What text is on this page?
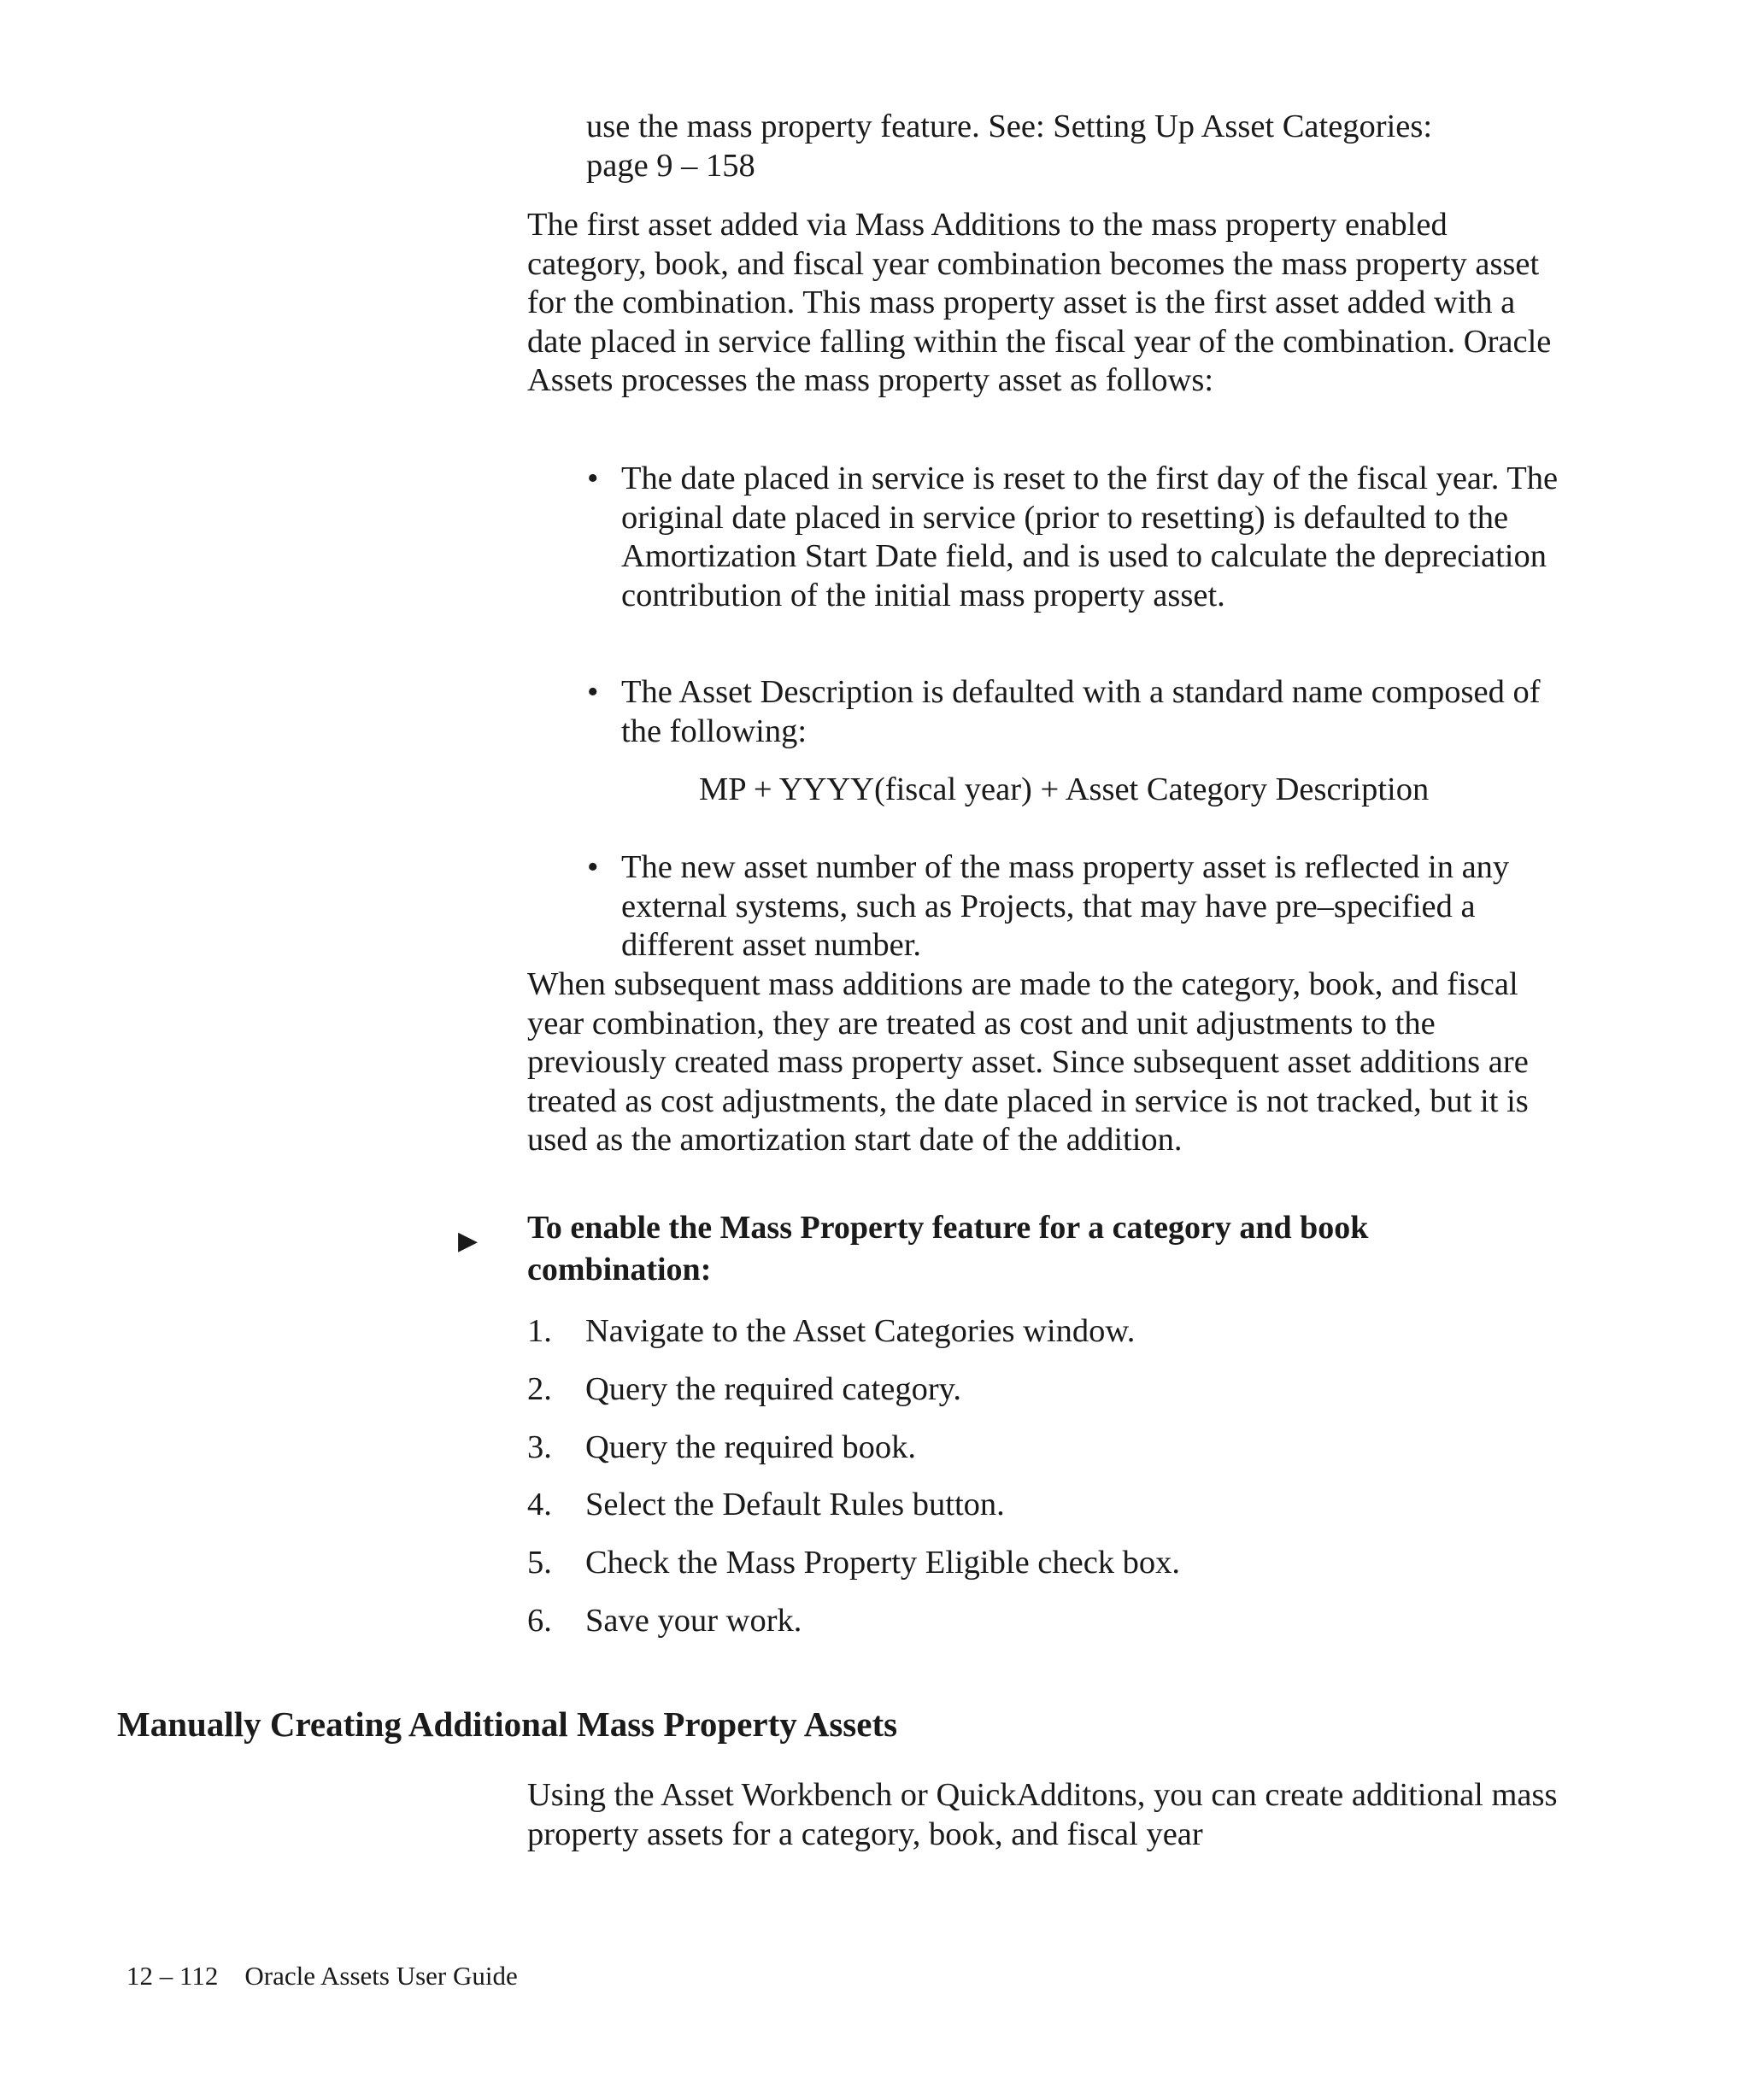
use the mass property feature. See: Setting Up Asset Categories:
page 9 – 158

The first asset added via Mass Additions to the mass property enabled category, book, and fiscal year combination becomes the mass property asset for the combination. This mass property asset is the first asset added with a date placed in service falling within the fiscal year of the combination. Oracle Assets processes the mass property asset as follows:

• The date placed in service is reset to the first day of the fiscal year. The original date placed in service (prior to resetting) is defaulted to the Amortization Start Date field, and is used to calculate the depreciation contribution of the initial mass property asset.

• The Asset Description is defaulted with a standard name composed of the following:

• The new asset number of the mass property asset is reflected in any external systems, such as Projects, that may have pre–specified a different asset number.

MP + YYYY(fiscal year) + Asset Category Description

When subsequent mass additions are made to the category, book, and fiscal year combination, they are treated as cost and unit adjustments to the previously created mass property asset. Since subsequent asset additions are treated as cost adjustments, the date placed in service is not tracked, but it is used as the amortization start date of the addition.

▶ To enable the Mass Property feature for a category and book combination:
1.	Navigate to the Asset Categories window.
2.	Query the required category.
3.	Query the required book.
4.	Select the Default Rules button.
5.	Check the Mass Property Eligible check box.
6.	Save your work.
Manually Creating Additional Mass Property Assets

Using the Asset Workbench or QuickAdditons, you can create additional mass property assets for a category, book, and fiscal year

12 – 112 Oracle Assets User Guide
